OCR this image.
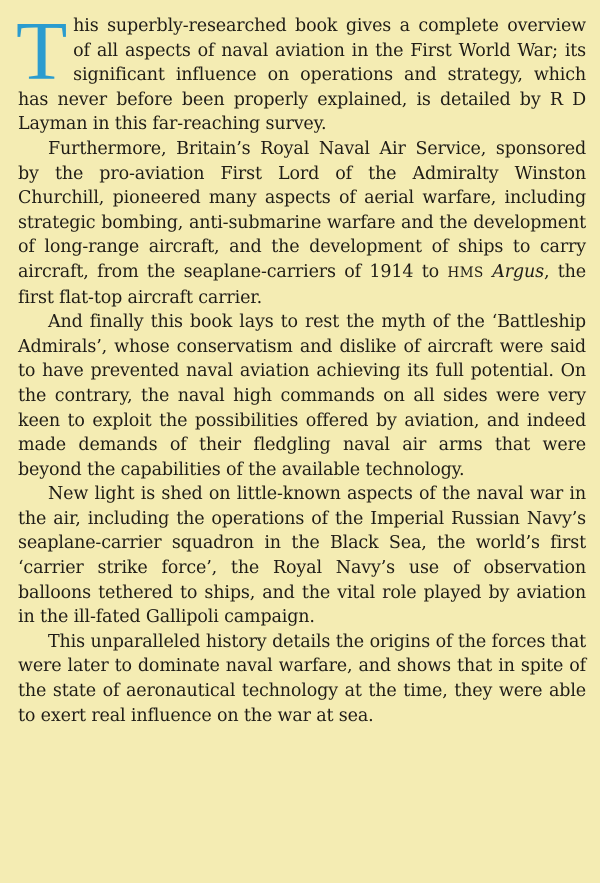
This superbly-researched book gives a complete overview of all aspects of naval aviation in the First World War; its significant influence on operations and strategy, which has never before been properly explained, is detailed by R D Layman in this far-reaching survey.

Furthermore, Britain’s Royal Naval Air Service, sponsored by the pro-aviation First Lord of the Admiralty Winston Churchill, pioneered many aspects of aerial warfare, including strategic bombing, anti-submarine warfare and the development of long-range aircraft, and the development of ships to carry aircraft, from the seaplane-carriers of 1914 to HMS Argus, the first flat-top aircraft carrier.

And finally this book lays to rest the myth of the ‘Battleship Admirals’, whose conservatism and dislike of aircraft were said to have prevented naval aviation achieving its full potential. On the contrary, the naval high commands on all sides were very keen to exploit the possibilities offered by aviation, and indeed made demands of their fledgling naval air arms that were beyond the capabilities of the available technology.

New light is shed on little-known aspects of the naval war in the air, including the operations of the Imperial Russian Navy’s seaplane-carrier squadron in the Black Sea, the world’s first ‘carrier strike force’, the Royal Navy’s use of observation balloons tethered to ships, and the vital role played by aviation in the ill-fated Gallipoli campaign.

This unparalleled history details the origins of the forces that were later to dominate naval warfare, and shows that in spite of the state of aeronautical technology at the time, they were able to exert real influence on the war at sea.
